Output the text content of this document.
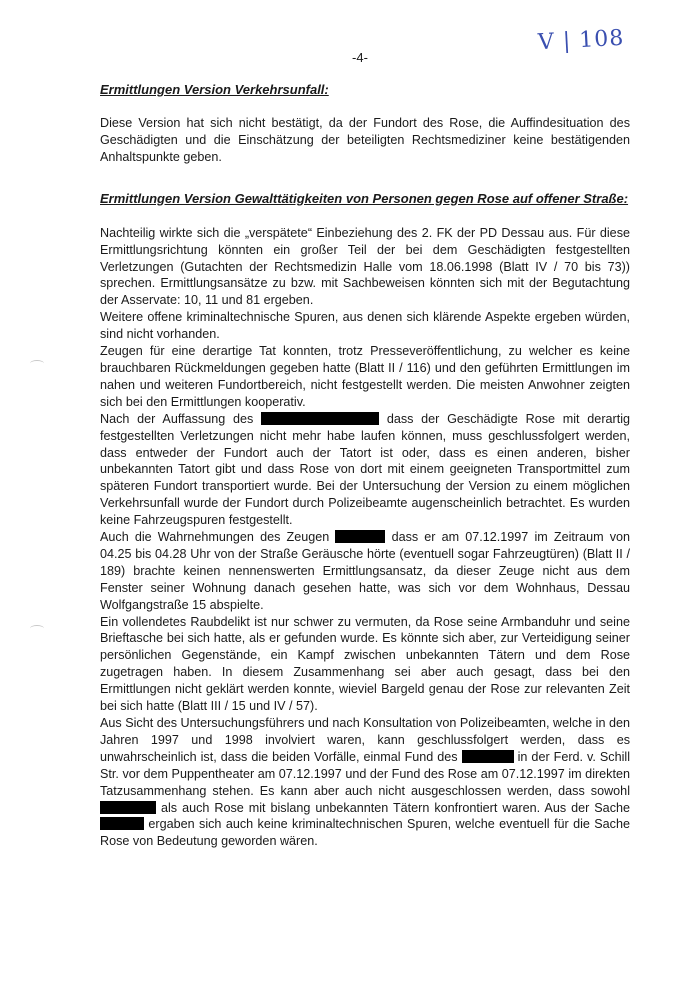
-4-
V | 108
Ermittlungen Version Verkehrsunfall:

Diese Version hat sich nicht bestätigt, da der Fundort des Rose, die Auffindesituation des Geschädigten und die Einschätzung der beteiligten Rechtsmediziner keine bestätigenden Anhaltspunkte geben.

Ermittlungen Version Gewalttätigkeiten von Personen gegen Rose auf offener Straße:

Nachteilig wirkte sich die „verspätete“ Einbeziehung des 2. FK der PD Dessau aus. Für diese Ermittlungsrichtung könnten ein großer Teil der bei dem Geschädigten festgestellten Verletzungen (Gutachten der Rechtsmedizin Halle vom 18.06.1998 (Blatt IV / 70 bis 73)) sprechen. Ermittlungsansätze zu bzw. mit Sachbeweisen könnten sich mit der Begutachtung der Asservate: 10, 11 und 81 ergeben.

Weitere offene kriminaltechnische Spuren, aus denen sich klärende Aspekte ergeben würden, sind nicht vorhanden.

Zeugen für eine derartige Tat konnten, trotz Presseveröffentlichung, zu welcher es keine brauchbaren Rückmeldungen gegeben hatte (Blatt II / 116) und den geführten Ermittlungen im nahen und weiteren Fundortbereich, nicht festgestellt werden. Die meisten Anwohner zeigten sich bei den Ermittlungen kooperativ.

Nach der Auffassung des	dass der Geschädigte Rose mit derartig festgestellten Verletzungen nicht mehr habe laufen können, muss geschlussfolgert werden, dass entweder der Fundort auch der Tatort ist oder, dass es einen anderen, bisher unbekannten Tatort gibt und dass Rose von dort mit einem geeigneten Transportmittel zum späteren Fundort transportiert wurde. Bei der Untersuchung der Version zu einem möglichen Verkehrsunfall wurde der Fundort durch Polizeibeamte augenscheinlich betrachtet. Es wurden keine Fahrzeugspuren festgestellt.

Auch die Wahrnehmungen des Zeugen	dass er am 07.12.1997 im Zeitraum von 04.25 bis 04.28 Uhr von der Straße Geräusche hörte (eventuell sogar Fahrzeugtüren) (Blatt II / 189) brachte keinen nennenswerten Ermittlungsansatz, da dieser Zeuge nicht aus dem Fenster seiner Wohnung danach gesehen hatte, was sich vor dem Wohnhaus, Dessau Wolfgangstraße 15 abspielte.

Ein vollendetes Raubdelikt ist nur schwer zu vermuten, da Rose seine Armbanduhr und seine Brieftasche bei sich hatte, als er gefunden wurde. Es könnte sich aber, zur Verteidigung seiner persönlichen Gegenstände, ein Kampf zwischen unbekannten Tätern und dem Rose zugetragen haben. In diesem Zusammenhang sei aber auch gesagt, dass bei den Ermittlungen nicht geklärt werden konnte, wieviel Bargeld genau der Rose zur relevanten Zeit bei sich hatte (Blatt III / 15 und IV / 57).

Aus Sicht des Untersuchungsführers und nach Konsultation von Polizeibeamten, welche in den Jahren 1997 und 1998 involviert waren, kann geschlussfolgert werden, dass es unwahrscheinlich ist, dass die beiden Vorfälle, einmal Fund des	in der Ferd. v. Schill Str. vor dem Puppentheater am 07.12.1997 und der Fund des Rose am 07.12.1997 im direkten Tatzusammenhang stehen. Es kann aber auch nicht ausgeschlossen werden, dass sowohl  als auch Rose mit bislang unbekannten Tätern konfrontiert waren. Aus der Sache  ergaben sich auch keine kriminaltechnischen Spuren, welche eventuell für die Sache Rose von Bedeutung geworden wären.
